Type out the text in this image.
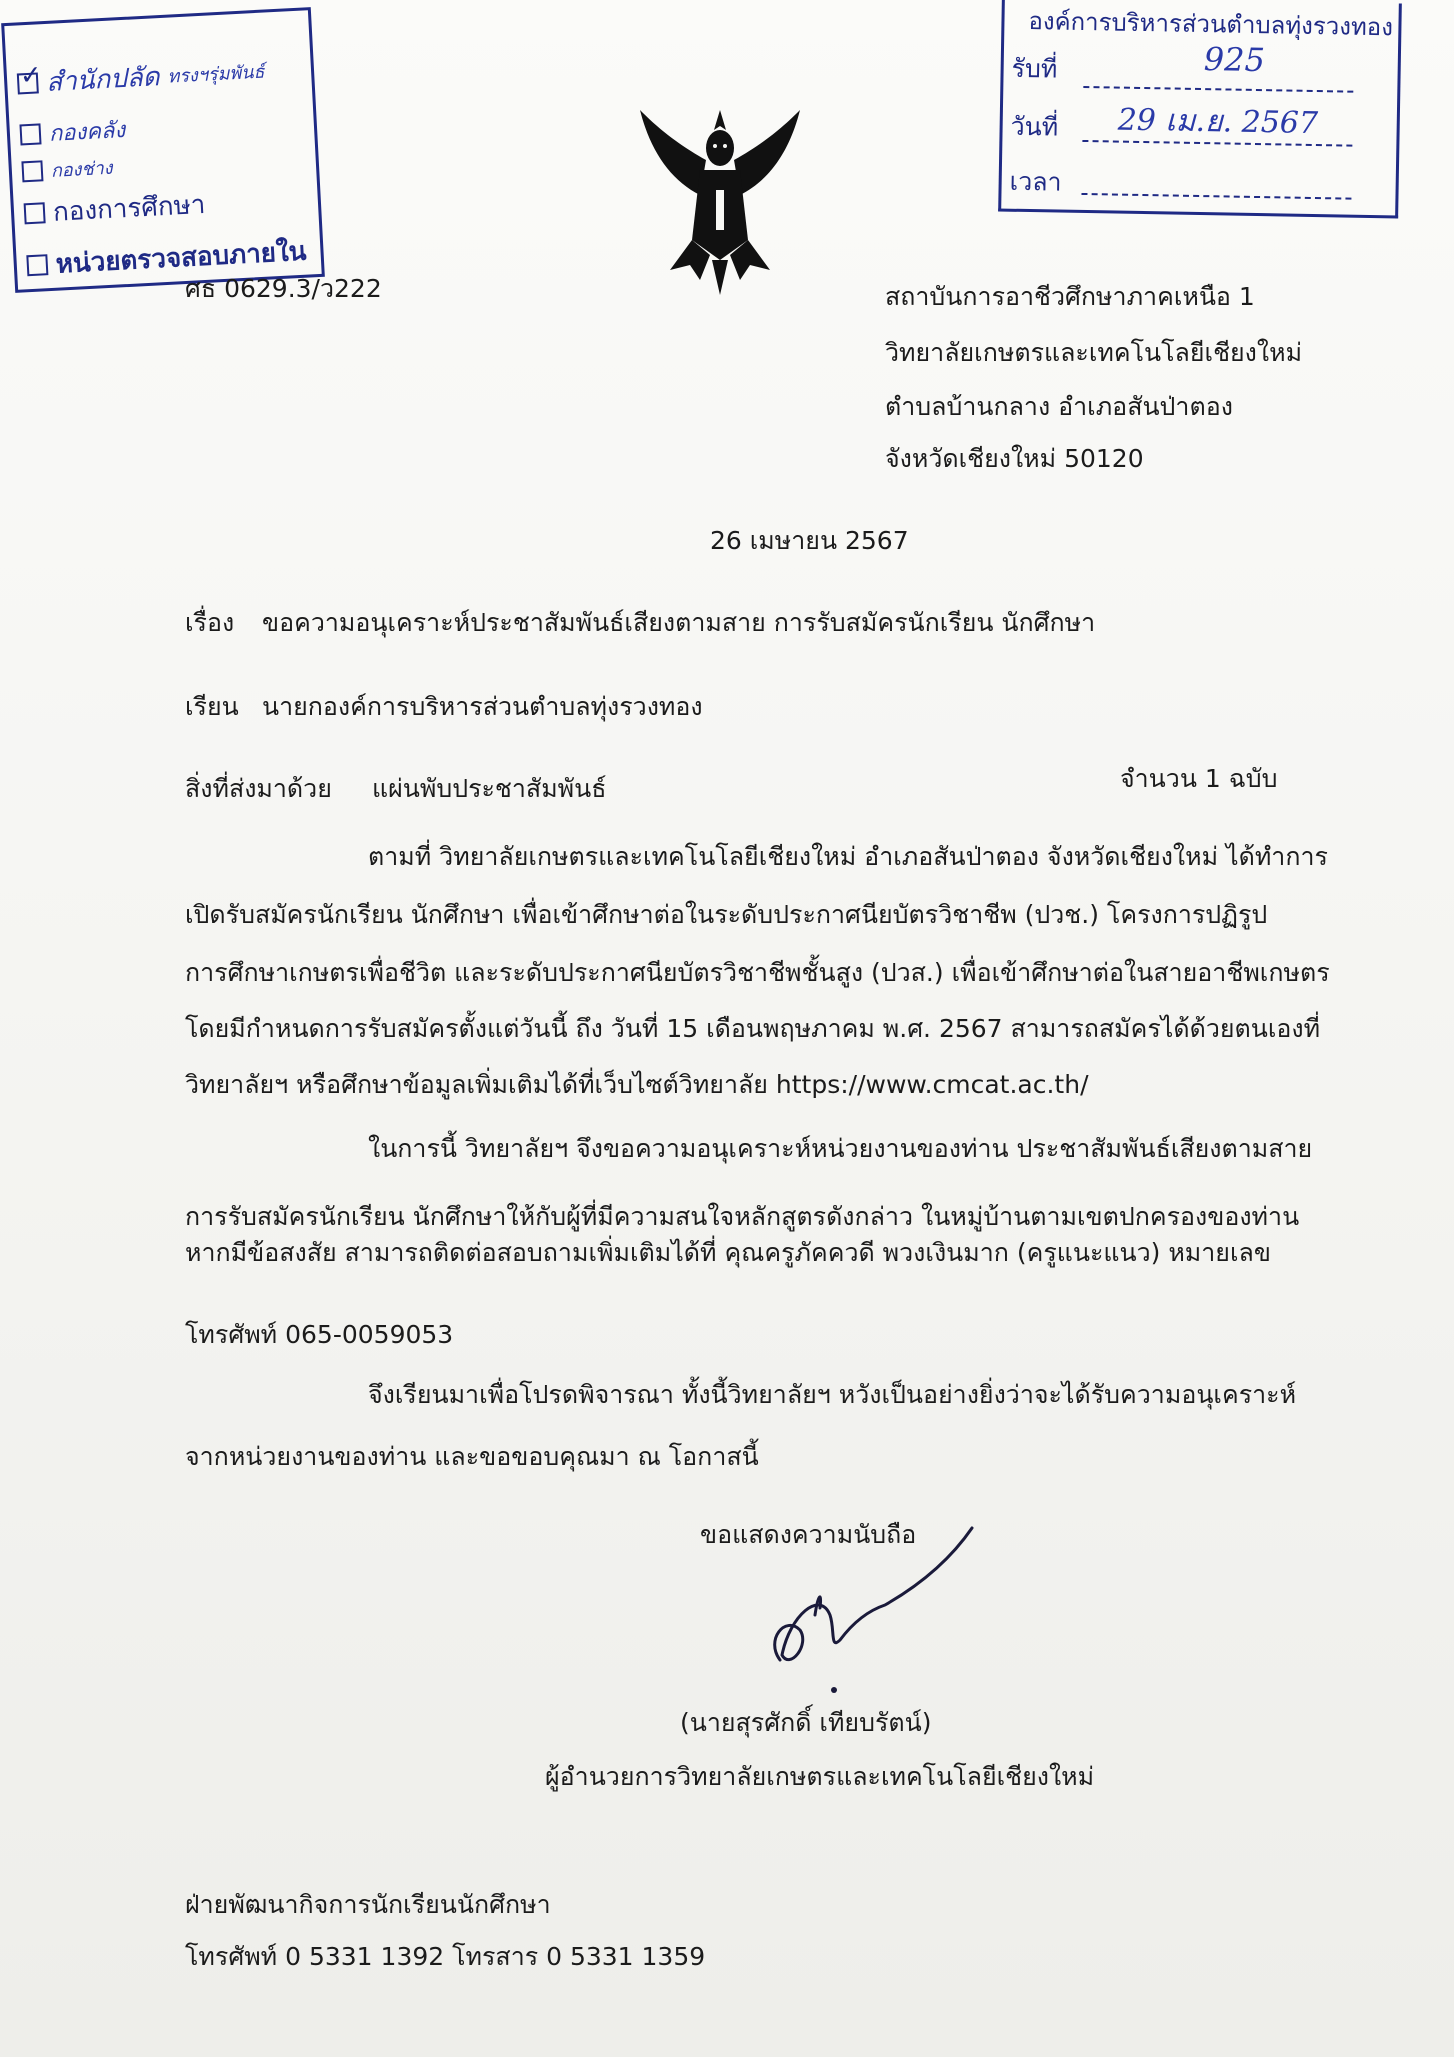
✓ สำนักปลัด ทรงฯรุ่มพันธ์
กองคลัง
กองช่าง
กองการศึกษา
หน่วยตรวจสอบภายใน
องค์การบริหารส่วนตำบลทุ่งรวงทอง
รับที่	925
วันที่ 29 เม.ย. 2567
เวลา
ศธ 0629.3/ว222	สถาบันการอาชีวศึกษาภาคเหนือ 1
วิทยาลัยเกษตรและเทคโนโลยีเชียงใหม่
ตำบลบ้านกลาง อำเภอสันป่าตอง
จังหวัดเชียงใหม่ 50120
26 เมษายน 2567
เรื่อง ขอความอนุเคราะห์ประชาสัมพันธ์เสียงตามสาย การรับสมัครนักเรียน นักศึกษา
เรียน นายกองค์การบริหารส่วนตำบลทุ่งรวงทอง
สิ่งที่ส่งมาด้วย แผ่นพับประชาสัมพันธ์	จำนวน 1 ฉบับ
ตามที่ วิทยาลัยเกษตรและเทคโนโลยีเชียงใหม่ อำเภอสันป่าตอง จังหวัดเชียงใหม่ ได้ทำการ
เปิดรับสมัครนักเรียน นักศึกษา เพื่อเข้าศึกษาต่อในระดับประกาศนียบัตรวิชาชีพ (ปวช.) โครงการปฏิรูป
การศึกษาเกษตรเพื่อชีวิต และระดับประกาศนียบัตรวิชาชีพชั้นสูง (ปวส.) เพื่อเข้าศึกษาต่อในสายอาชีพเกษตร
โดยมีกำหนดการรับสมัครตั้งแต่วันนี้ ถึง วันที่ 15 เดือนพฤษภาคม พ.ศ. 2567 สามารถสมัครได้ด้วยตนเองที่
วิทยาลัยฯ หรือศึกษาข้อมูลเพิ่มเติมได้ที่เว็บไซต์วิทยาลัย https://www.cmcat.ac.th/
ในการนี้ วิทยาลัยฯ จึงขอความอนุเคราะห์หน่วยงานของท่าน ประชาสัมพันธ์เสียงตามสาย
การรับสมัครนักเรียน นักศึกษาให้กับผู้ที่มีความสนใจหลักสูตรดังกล่าว ในหมู่บ้านตามเขตปกครองของท่าน
หากมีข้อสงสัย สามารถติดต่อสอบถามเพิ่มเติมได้ที่ คุณครูภัคควดี พวงเงินมาก (ครูแนะแนว) หมายเลข
โทรศัพท์ 065-0059053
จึงเรียนมาเพื่อโปรดพิจารณา ทั้งนี้วิทยาลัยฯ หวังเป็นอย่างยิ่งว่าจะได้รับความอนุเคราะห์
จากหน่วยงานของท่าน และขอขอบคุณมา ณ โอกาสนี้
ขอแสดงความนับถือ
(นายสุรศักดิ์ เทียบรัตน์)
ผู้อำนวยการวิทยาลัยเกษตรและเทคโนโลยีเชียงใหม่
ฝ่ายพัฒนากิจการนักเรียนนักศึกษา
โทรศัพท์ 0 5331 1392 โทรสาร 0 5331 1359
